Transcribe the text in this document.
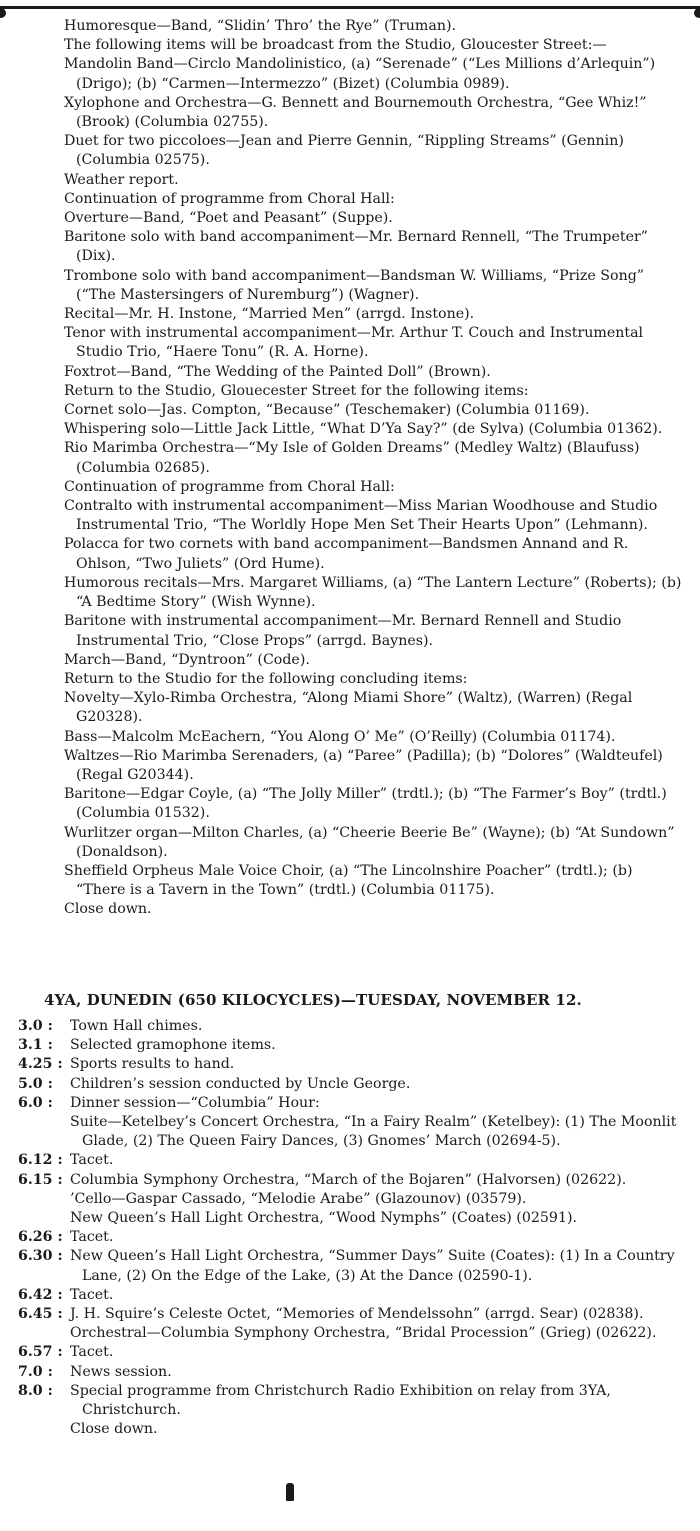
Humoresque—Band, “Slidin’ Thro’ the Rye” (Truman).

The following items will be broadcast from the Studio, Gloucester Street:—

Mandolin Band—Circlo Mandolinistico, (a) “Serenade” (“Les Millions d’Arlequin”) (Drigo); (b) “Carmen—Intermezzo” (Bizet) (Columbia 0989).

Xylophone and Orchestra—G. Bennett and Bournemouth Orchestra, “Gee Whiz!” (Brook) (Columbia 02755).

Duet for two piccoloes—Jean and Pierre Gennin, “Rippling Streams” (Gennin) (Columbia 02575).

Weather report.

Continuation of programme from Choral Hall:

Overture—Band, “Poet and Peasant” (Suppe).

Baritone solo with band accompaniment—Mr. Bernard Rennell, “The Trumpeter” (Dix).

Trombone solo with band accompaniment—Bandsman W. Williams, “Prize Song” (“The Mastersingers of Nuremburg”) (Wagner).

Recital—Mr. H. Instone, “Married Men” (arrgd. Instone).

Tenor with instrumental accompaniment—Mr. Arthur T. Couch and Instrumental Studio Trio, “Haere Tonu” (R. A. Horne).

Foxtrot—Band, “The Wedding of the Painted Doll” (Brown).

Return to the Studio, Glouecester Street for the following items:

Cornet solo—Jas. Compton, “Because” (Teschemaker) (Columbia 01169).

Whispering solo—Little Jack Little, “What D’Ya Say?” (de Sylva) (Columbia 01362).

Rio Marimba Orchestra—“My Isle of Golden Dreams” (Medley Waltz) (Blaufuss) (Columbia 02685).

Continuation of programme from Choral Hall:

Contralto with instrumental accompaniment—Miss Marian Woodhouse and Studio Instrumental Trio, “The Worldly Hope Men Set Their Hearts Upon” (Lehmann).

Polacca for two cornets with band accompaniment—Bandsmen Annand and R. Ohlson, “Two Juliets” (Ord Hume).

Humorous recitals—Mrs. Margaret Williams, (a) “The Lantern Lecture” (Roberts); (b) “A Bedtime Story” (Wish Wynne).

Baritone with instrumental accompaniment—Mr. Bernard Rennell and Studio Instrumental Trio, “Close Props” (arrgd. Baynes).

March—Band, “Dyntroon” (Code).

Return to the Studio for the following concluding items:

Novelty—Xylo-Rimba Orchestra, “Along Miami Shore” (Waltz), (Warren) (Regal G20328).

Bass—Malcolm McEachern, “You Along O’ Me” (O’Reilly) (Columbia 01174).

Waltzes—Rio Marimba Serenaders, (a) “Paree” (Padilla); (b) “Dolores” (Waldteufel) (Regal G20344).

Baritone—Edgar Coyle, (a) “The Jolly Miller” (trdtl.); (b) “The Farmer’s Boy” (trdtl.) (Columbia 01532).

Wurlitzer organ—Milton Charles, (a) “Cheerie Beerie Be” (Wayne); (b) “At Sundown” (Donaldson).

Sheffield Orpheus Male Voice Choir, (a) “The Lincolnshire Poacher” (trdtl.); (b) “There is a Tavern in the Town” (trdtl.) (Columbia 01175).

Close down.

4YA, DUNEDIN (650 KILOCYCLES)—TUESDAY, NOVEMBER 12.
3.0 :	Town Hall chimes.
3.1 :	Selected gramophone items.
4.25 : Sports results to hand.
5.0 :	Children’s session conducted by Uncle George.
6.0 :	Dinner session—“Columbia” Hour:
Suite—Ketelbey’s Concert Orchestra, “In a Fairy Realm” (Ketelbey): (1) The Moonlit Glade, (2) The Queen Fairy Dances, (3) Gnomes’ March (02694-5).
6.12 : Tacet.
6.15 : Columbia Symphony Orchestra, “March of the Bojaren” (Halvorsen) (02622).
’Cello—Gaspar Cassado, “Melodie Arabe” (Glazounov) (03579).
New Queen’s Hall Light Orchestra, “Wood Nymphs” (Coates) (02591).
6.26 : Tacet.
6.30 : New Queen’s Hall Light Orchestra, “Summer Days” Suite (Coates): (1) In a Country Lane, (2) On the Edge of the Lake, (3) At the Dance (02590-1).
6.42 : Tacet.
6.45 : J. H. Squire’s Celeste Octet, “Memories of Mendelssohn” (arrgd. Sear) (02838).
Orchestral—Columbia Symphony Orchestra, “Bridal Procession” (Grieg) (02622).
6.57 : Tacet.
7.0 :	News session.
8.0 :	Special programme from Christchurch Radio Exhibition on relay from 3YA, Christchurch.
Close down.
